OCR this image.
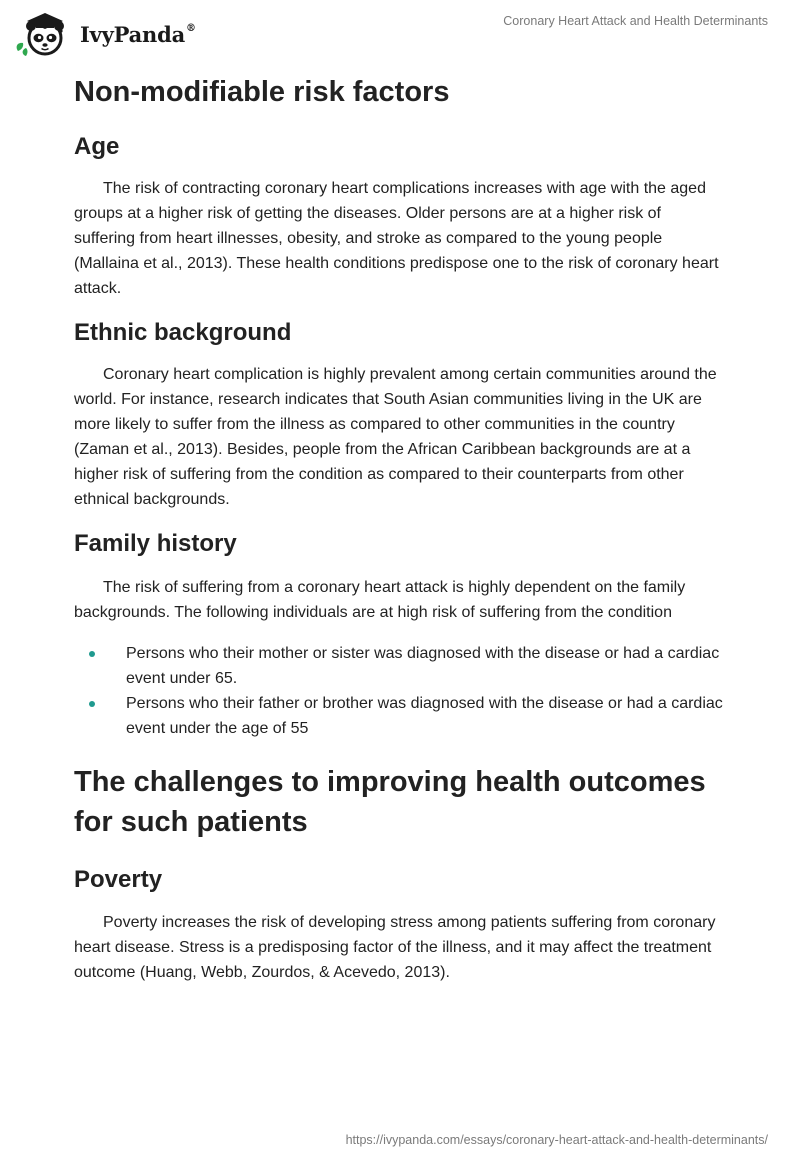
IvyPanda®	Coronary Heart Attack and Health Determinants
Non-modifiable risk factors
Age

The risk of contracting coronary heart complications increases with age with the aged groups at a higher risk of getting the diseases. Older persons are at a higher risk of suffering from heart illnesses, obesity, and stroke as compared to the young people (Mallaina et al., 2013). These health conditions predispose one to the risk of coronary heart attack.

Ethnic background

Coronary heart complication is highly prevalent among certain communities around the world. For instance, research indicates that South Asian communities living in the UK are more likely to suffer from the illness as compared to other communities in the country (Zaman et al., 2013). Besides, people from the African Caribbean backgrounds are at a higher risk of suffering from the condition as compared to their counterparts from other ethnical backgrounds.

Family history

The risk of suffering from a coronary heart attack is highly dependent on the family backgrounds. The following individuals are at high risk of suffering from the condition

Persons who their mother or sister was diagnosed with the disease or had a cardiac event under 65.
Persons who their father or brother was diagnosed with the disease or had a cardiac event under the age of 55
The challenges to improving health outcomes for such patients
Poverty

Poverty increases the risk of developing stress among patients suffering from coronary heart disease. Stress is a predisposing factor of the illness, and it may affect the treatment outcome (Huang, Webb, Zourdos, & Acevedo, 2013).

https://ivypanda.com/essays/coronary-heart-attack-and-health-determinants/
